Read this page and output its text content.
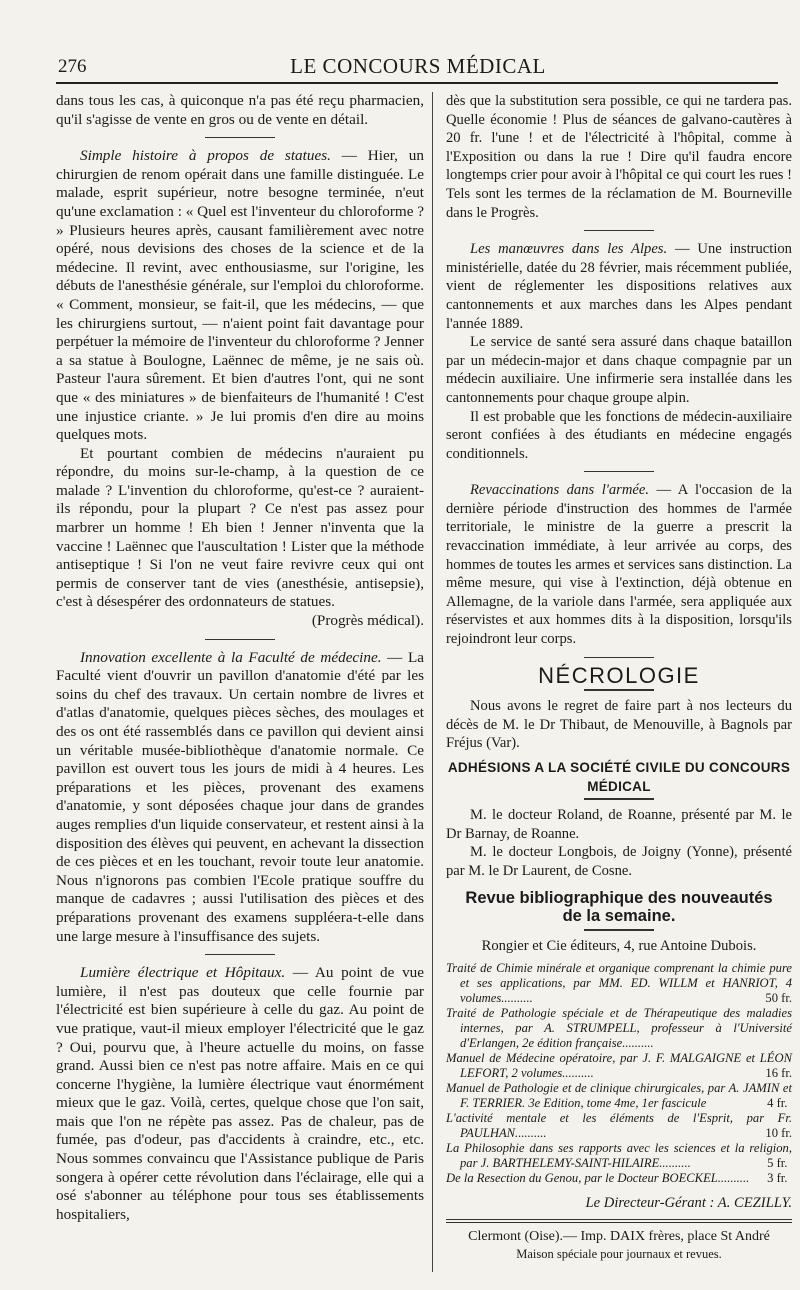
276	LE CONCOURS MÉDICAL

dans tous les cas, à quiconque n'a pas été reçu pharmacien, qu'il s'agisse de vente en gros ou de vente en détail.

Simple histoire à propos de statues. — Hier, un chirurgien de renom opérait dans une famille distinguée. Le malade, esprit supérieur, notre besogne terminée, n'eut qu'une exclamation : « Quel est l'inventeur du chloroforme ? » Plusieurs heures après, causant familièrement avec notre opéré, nous devisions des choses de la science et de la médecine. Il revint, avec enthousiasme, sur l'origine, les débuts de l'anesthésie générale, sur l'emploi du chloroforme. « Comment, monsieur, se fait-il, que les médecins, — que les chirurgiens surtout, — n'aient point fait davantage pour perpétuer la mémoire de l'inventeur du chloroforme ? Jenner a sa statue à Boulogne, Laënnec de même, je ne sais où. Pasteur l'aura sûrement. Et bien d'autres l'ont, qui ne sont que « des miniatures » de bienfaiteurs de l'humanité ! C'est une injustice criante. » Je lui promis d'en dire au moins quelques mots.

Et pourtant combien de médecins n'auraient pu répondre, du moins sur-le-champ, à la question de ce malade ? L'invention du chloroforme, qu'est-ce ? auraient-ils répondu, pour la plupart ? Ce n'est pas assez pour marbrer un homme ! Eh bien ! Jenner n'inventa que la vaccine ! Laënnec que l'auscultation ! Lister que la méthode antiseptique ! Si l'on ne veut faire revivre ceux qui ont permis de conserver tant de vies (anesthésie, antisepsie), c'est à désespérer des ordonnateurs de statues.

(Progrès médical).

Innovation excellente à la Faculté de médecine. — La Faculté vient d'ouvrir un pavillon d'anatomie d'été par les soins du chef des travaux. Un certain nombre de livres et d'atlas d'anatomie, quelques pièces sèches, des moulages et des os ont été rassemblés dans ce pavillon qui devient ainsi un véritable musée-bibliothèque d'anatomie normale. Ce pavillon est ouvert tous les jours de midi à 4 heures. Les préparations et les pièces, provenant des examens d'anatomie, y sont déposées chaque jour dans de grandes auges remplies d'un liquide conservateur, et restent ainsi à la disposition des élèves qui peuvent, en achevant la dissection de ces pièces et en les touchant, revoir toute leur anatomie. Nous n'ignorons pas combien l'Ecole pratique souffre du manque de cadavres ; aussi l'utilisation des pièces et des préparations provenant des examens suppléera-t-elle dans une large mesure à l'insuffisance des sujets.

Lumière électrique et Hôpitaux. — Au point de vue lumière, il n'est pas douteux que celle fournie par l'électricité est bien supérieure à celle du gaz. Au point de vue pratique, vaut-il mieux employer l'électricité que le gaz ? Oui, pourvu que, à l'heure actuelle du moins, on fasse grand. Aussi bien ce n'est pas notre affaire. Mais en ce qui concerne l'hygiène, la lumière électrique vaut énormément mieux que le gaz. Voilà, certes, quelque chose que l'on sait, mais que l'on ne répète pas assez. Pas de chaleur, pas de fumée, pas d'odeur, pas d'accidents à craindre, etc., etc. Nous sommes convaincu que l'Assistance publique de Paris songera à opérer cette révolution dans l'éclairage, elle qui a osé s'abonner au téléphone pour tous ses établissements hospitaliers,

dès que la substitution sera possible, ce qui ne tardera pas. Quelle économie ! Plus de séances de galvano-cautères à 20 fr. l'une ! et de l'électricité à l'hôpital, comme à l'Exposition ou dans la rue ! Dire qu'il faudra encore longtemps crier pour avoir à l'hôpital ce qui court les rues ! Tels sont les termes de la réclamation de M. Bourneville dans le Progrès.

Les manœuvres dans les Alpes. — Une instruction ministérielle, datée du 28 février, mais récemment publiée, vient de réglementer les dispositions relatives aux cantonnements et aux marches dans les Alpes pendant l'année 1889.

Le service de santé sera assuré dans chaque bataillon par un médecin-major et dans chaque compagnie par un médecin auxiliaire. Une infirmerie sera installée dans les cantonnements pour chaque groupe alpin.

Il est probable que les fonctions de médecin-auxiliaire seront confiées à des étudiants en médecine engagés conditionnels.

Revaccinations dans l'armée. — A l'occasion de la dernière période d'instruction des hommes de l'armée territoriale, le ministre de la guerre a prescrit la revaccination immédiate, à leur arrivée au corps, des hommes de toutes les armes et services sans distinction. La même mesure, qui vise à l'extinction, déjà obtenue en Allemagne, de la variole dans l'armée, sera appliquée aux réservistes et aux hommes dits à la disposition, lorsqu'ils rejoindront leur corps.

NÉCROLOGIE

Nous avons le regret de faire part à nos lecteurs du décès de M. le Dr Thibaut, de Menouville, à Bagnols par Fréjus (Var).

ADHÉSIONS A LA SOCIÉTÉ CIVILE DU CONCOURS MÉDICAL

M. le docteur Roland, de Roanne, présenté par M. le Dr Barnay, de Roanne.

M. le docteur Longbois, de Joigny (Yonne), présenté par M. le Dr Laurent, de Cosne.

Revue bibliographique des nouveautés
de la semaine.

Rongier et Cie éditeurs, 4, rue Antoine Dubois.

Traité de Chimie minérale et organique comprenant la chimie pure et ses applications, par MM. ED. WILLM et HANRIOT, 4 volumes..........	50 fr.

Traité de Pathologie spéciale et de Thérapeutique des maladies internes, par A. STRUMPELL, professeur à l'Université d'Erlangen, 2e édition française..........

Manuel de Médecine opératoire, par J. F. MALGAIGNE et LÉON LEFORT, 2 volumes..........	16 fr.

Manuel de Pathologie et de clinique chirurgicales, par A. JAMIN et F. TERRIER. 3e Edition, tome 4me, 1er fascicule	4 fr.

L'activité mentale et les éléments de l'Esprit, par Fr. PAULHAN..........	10 fr.

La Philosophie dans ses rapports avec les sciences et la religion, par J. BARTHELEMY-SAINT-HILAIRE..........	5 fr.

De la Resection du Genou, par le Docteur BOECKEL.......... 3 fr.

Le Directeur-Gérant : A. CEZILLY.

Clermont (Oise).— Imp. DAIX frères, place St André

Maison spéciale pour journaux et revues.
